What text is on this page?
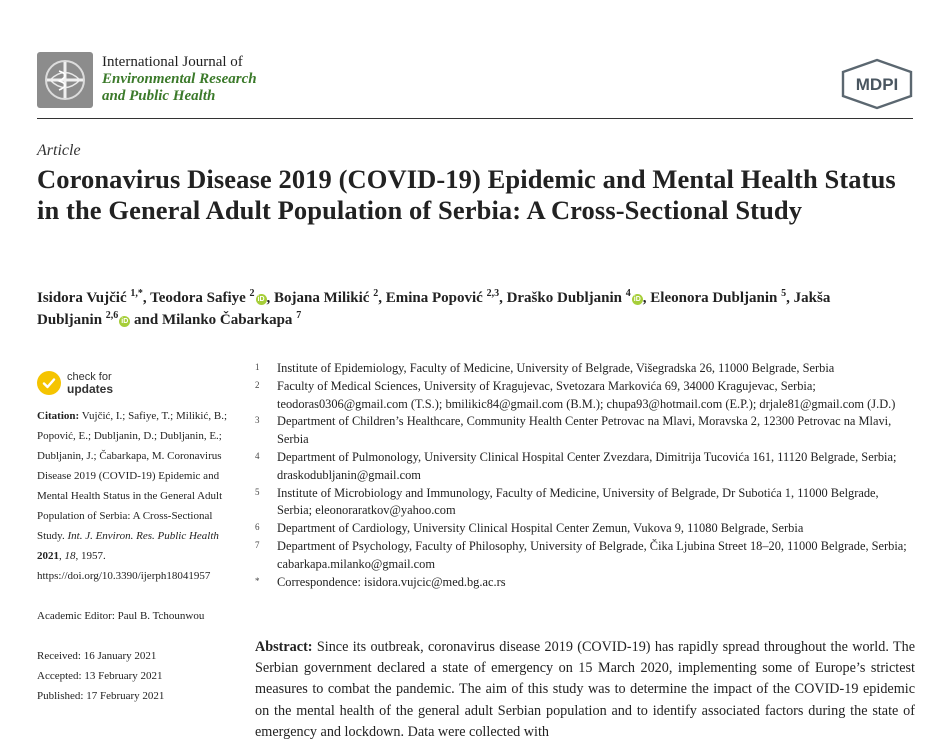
International Journal of
Environmental Research
and Public Health
MDPI
Article
Coronavirus Disease 2019 (COVID-19) Epidemic and Mental Health Status in the General Adult Population of Serbia: A Cross-Sectional Study
Isidora Vujčić $^{1,*}$, Teodora Safiye $^2$iD , Bojana Milikić $^2$, Emina Popović $^{2,3}$, Draško Dubljanin $^4$iD , Eleonora Dubljanin $^5$, Jakša Dubljanin $^{2,6}$iD and Milanko Čabarkapa $^7$
check for
updates
Citation: Vujčić, I.; Safiye, T.; Milikić, B.; Popović, E.; Dubljanin, D.; Dubljanin, E.; Dubljanin, J.; Čabarkapa, M. Coronavirus Disease 2019 (COVID-19) Epidemic and Mental Health Status in the General Adult Population of Serbia: A Cross-Sectional Study. Int. J. Environ. Res. Public Health 2021, 18, 1957. https://doi.org/10.3390/ijerph18041957
Academic Editor: Paul B. Tchounwou
Received: 16 January 2021
Accepted: 13 February 2021
Published: 17 February 2021
1	Institute of Epidemiology, Faculty of Medicine, University of Belgrade, Višegradska 26, 11000 Belgrade, Serbia
2	Faculty of Medical Sciences, University of Kragujevac, Svetozara Markovića 69, 34000 Kragujevac, Serbia; teodoras0306@gmail.com (T.S.); bmilikic84@gmail.com (B.M.); chupa93@hotmail.com (E.P.); drjale81@gmail.com (J.D.)
3	Department of Children’s Healthcare, Community Health Center Petrovac na Mlavi, Moravska 2, 12300 Petrovac na Mlavi, Serbia
4	Department of Pulmonology, University Clinical Hospital Center Zvezdara, Dimitrija Tucovića 161, 11120 Belgrade, Serbia; draskodubljanin@gmail.com
5	Institute of Microbiology and Immunology, Faculty of Medicine, University of Belgrade, Dr Subotića 1, 11000 Belgrade, Serbia; eleonoraratkov@yahoo.com
6	Department of Cardiology, University Clinical Hospital Center Zemun, Vukova 9, 11080 Belgrade, Serbia
7	Department of Psychology, Faculty of Philosophy, University of Belgrade, Čika Ljubina Street 18–20, 11000 Belgrade, Serbia; cabarkapa.milanko@gmail.com
*	Correspondence: isidora.vujcic@med.bg.ac.rs
Abstract: Since its outbreak, coronavirus disease 2019 (COVID-19) has rapidly spread throughout the world. The Serbian government declared a state of emergency on 15 March 2020, implementing some of Europe’s strictest measures to combat the pandemic. The aim of this study was to determine the impact of the COVID-19 epidemic on the mental health of the general adult Serbian population and to identify associated factors during the state of emergency and lockdown. Data were collected with
